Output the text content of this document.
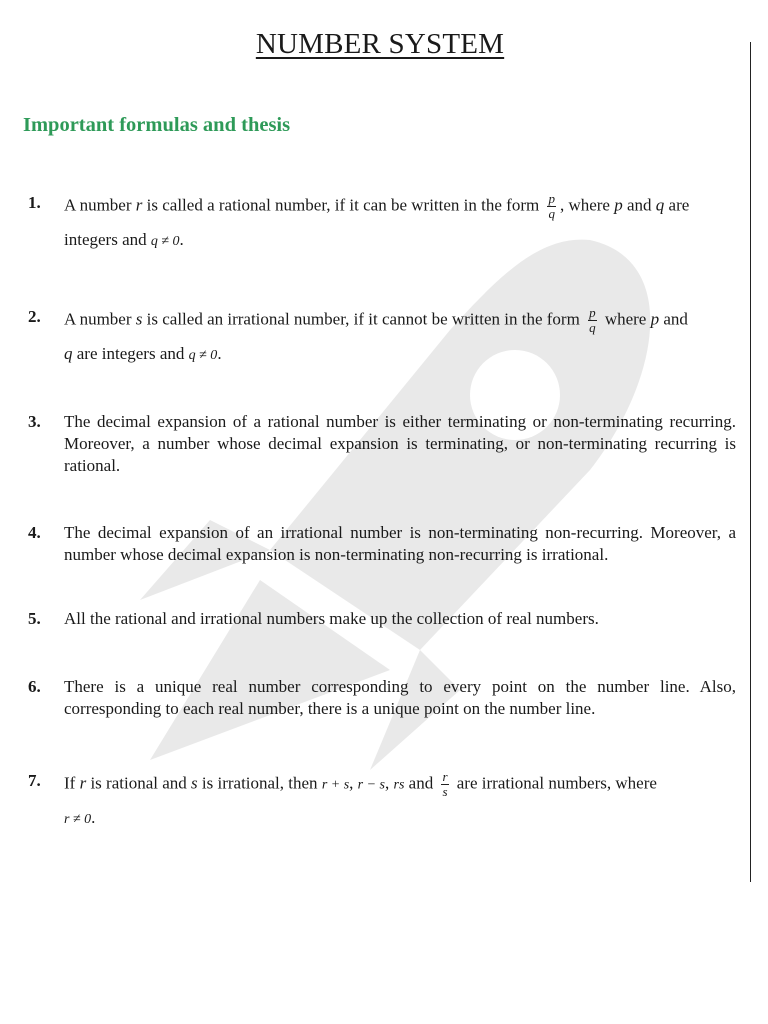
NUMBER SYSTEM
Important formulas and thesis
1. A number r is called a rational number, if it can be written in the form $\frac{p}{q}$ , where p and q are
integers and q ≠ 0.
2. A number s is called an irrational number, if it cannot be written in the form $\frac{p}{q}$ where p and
q are integers and q ≠ 0.
3. The decimal expansion of a rational number is either terminating or non-terminating recurring. Moreover, a number whose decimal expansion is terminating, or non-terminating recurring is rational.
4. The decimal expansion of an irrational number is non-terminating non-recurring. Moreover, a number whose decimal expansion is non-terminating non-recurring is irrational.
5. All the rational and irrational numbers make up the collection of real numbers.
6. There is a unique real number corresponding to every point on the number line. Also, corresponding to each real number, there is a unique point on the number line.
7. If r is rational and s is irrational, then r + s, r − s, rs and $\frac{r}{s}$ are irrational numbers, where
r ≠ 0.
